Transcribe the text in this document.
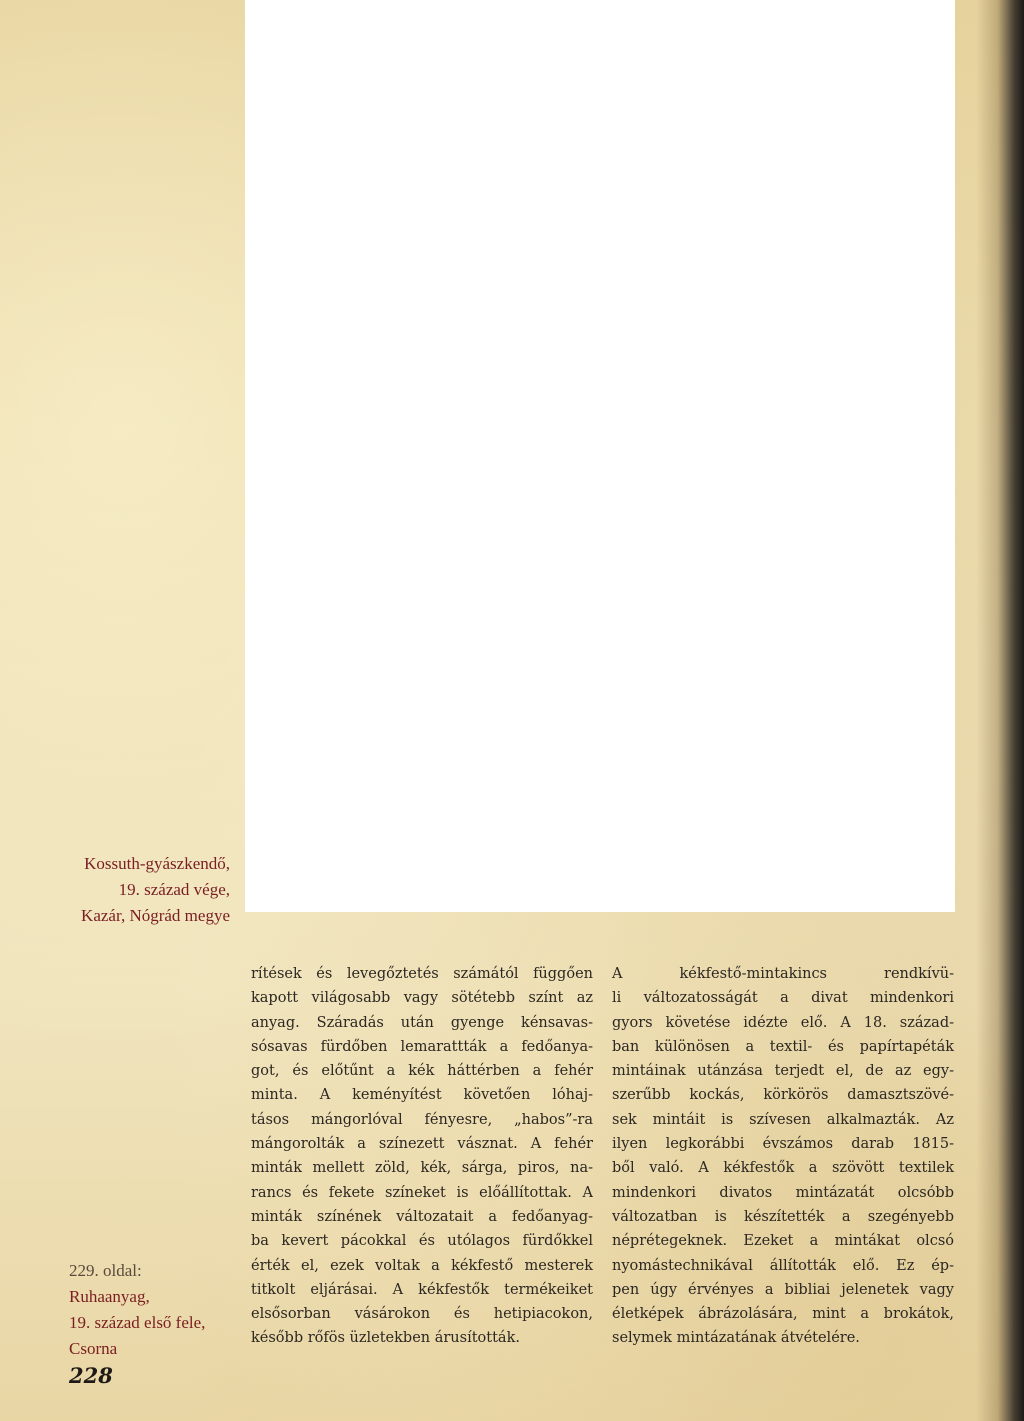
Kossuth-gyászkendő,
19. század vége,
Kazár, Nógrád megye
229. oldal:
Ruhaanyag,
19. század első fele,
Csorna
228
rítések és levegőztetés számától függően
kapott világosabb vagy sötétebb színt az
anyag. Száradás után gyenge kénsavas-
sósavas fürdőben lemarattták a fedőanya-
got, és előtűnt a kék háttérben a fehér
minta. A keményítést követően lóhaj-
tásos mángorlóval fényesre, „habos”-ra
mángorolták a színezett vásznat. A fehér
minták mellett zöld, kék, sárga, piros, na-
rancs és fekete színeket is előállítottak. A
minták színének változatait a fedőanyag-
ba kevert pácokkal és utólagos fürdőkkel
érték el, ezek voltak a kékfestő mesterek
titkolt eljárásai. A kékfestők termékeiket
elsősorban vásárokon és hetipiacokon,
később rőfös üzletekben árusították.
A kékfestő-mintakincs rendkívü-
li változatosságát a divat mindenkori
gyors követése idézte elő. A 18. század-
ban különösen a textil- és papírtapéták
mintáinak utánzása terjedt el, de az egy-
szerűbb kockás, körkörös damasztszövé-
sek mintáit is szívesen alkalmazták. Az
ilyen legkorábbi évszámos darab 1815-
ből való. A kékfestők a szövött textilek
mindenkori divatos mintázatát olcsóbb
változatban is készítették a szegényebb
néprétegeknek. Ezeket a mintákat olcsó
nyomástechnikával állították elő. Ez ép-
pen úgy érvényes a bibliai jelenetek vagy
életképek ábrázolására, mint a brokátok,
selymek mintázatának átvételére.
